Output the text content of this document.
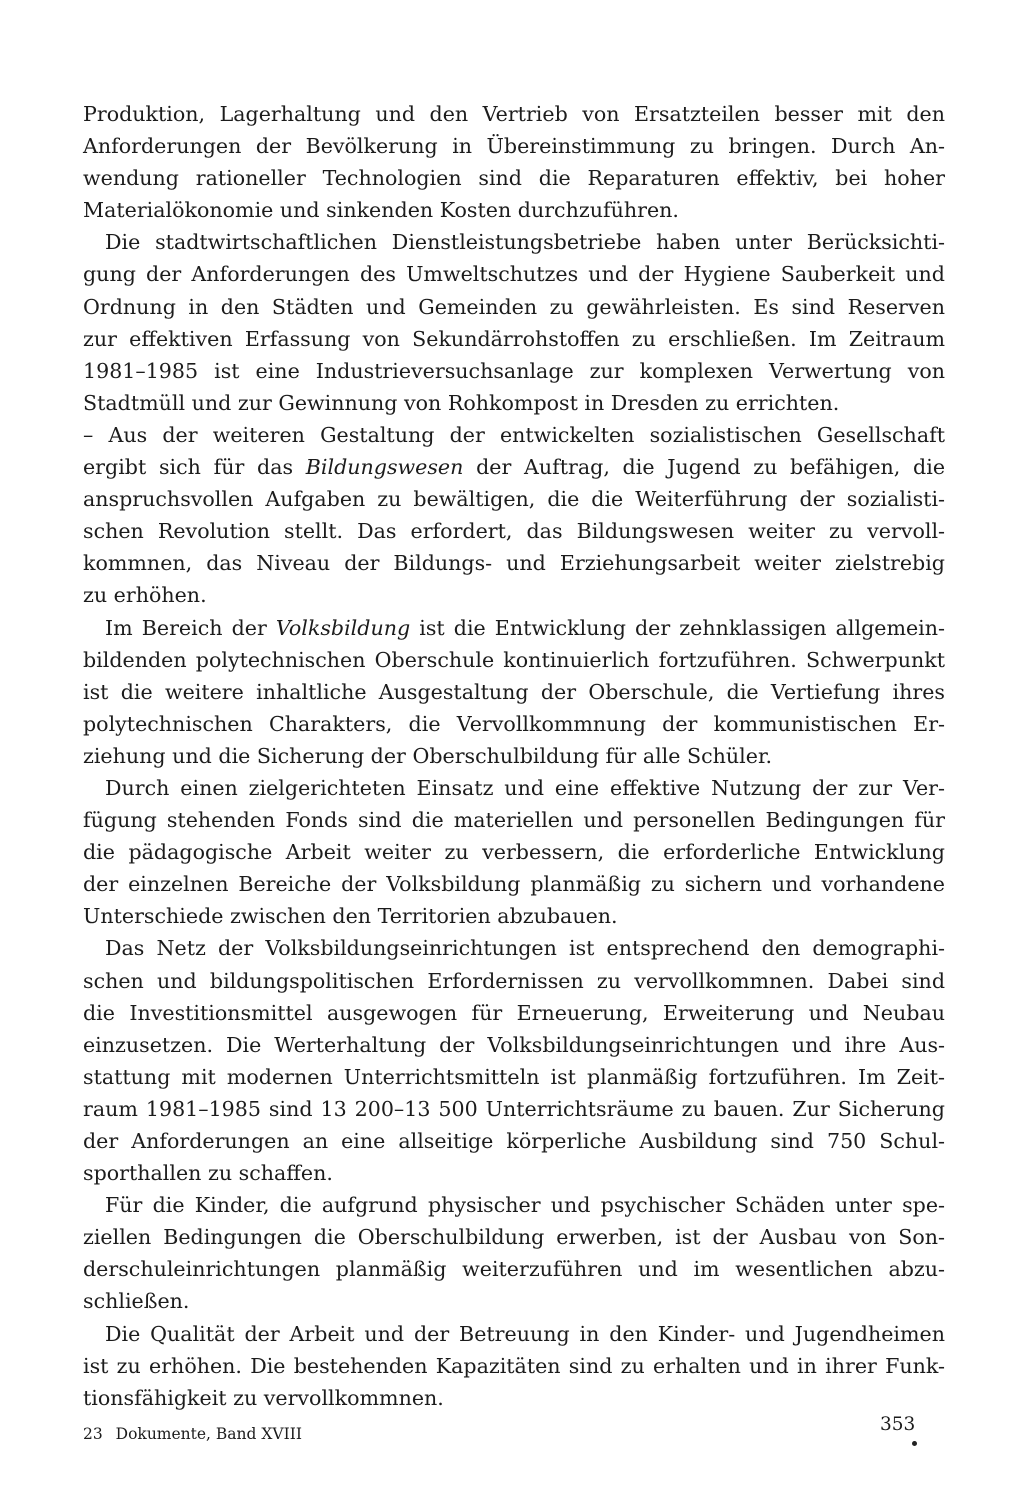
Produktion, Lagerhaltung und den Vertrieb von Ersatzteilen besser mit den
Anforderungen der Bevölkerung in Übereinstimmung zu bringen. Durch An-
wendung rationeller Technologien sind die Reparaturen effektiv, bei hoher
Materialökonomie und sinkenden Kosten durchzuführen.

Die stadtwirtschaftlichen Dienstleistungsbetriebe haben unter Berücksichti-
gung der Anforderungen des Umweltschutzes und der Hygiene Sauberkeit und
Ordnung in den Städten und Gemeinden zu gewährleisten. Es sind Reserven
zur effektiven Erfassung von Sekundärrohstoffen zu erschließen. Im Zeitraum
1981–1985 ist eine Industrieversuchsanlage zur komplexen Verwertung von
Stadtmüll und zur Gewinnung von Rohkompost in Dresden zu errichten.

– Aus der weiteren Gestaltung der entwickelten sozialistischen Gesellschaft
ergibt sich für das Bildungswesen der Auftrag, die Jugend zu befähigen, die
anspruchsvollen Aufgaben zu bewältigen, die die Weiterführung der sozialisti-
schen Revolution stellt. Das erfordert, das Bildungswesen weiter zu vervoll-
kommnen, das Niveau der Bildungs- und Erziehungsarbeit weiter zielstrebig
zu erhöhen.

Im Bereich der Volksbildung ist die Entwicklung der zehnklassigen allgemein-
bildenden polytechnischen Oberschule kontinuierlich fortzuführen. Schwerpunkt
ist die weitere inhaltliche Ausgestaltung der Oberschule, die Vertiefung ihres
polytechnischen Charakters, die Vervollkommnung der kommunistischen Er-
ziehung und die Sicherung der Oberschulbildung für alle Schüler.

Durch einen zielgerichteten Einsatz und eine effektive Nutzung der zur Ver-
fügung stehenden Fonds sind die materiellen und personellen Bedingungen für
die pädagogische Arbeit weiter zu verbessern, die erforderliche Entwicklung
der einzelnen Bereiche der Volksbildung planmäßig zu sichern und vorhandene
Unterschiede zwischen den Territorien abzubauen.

Das Netz der Volksbildungseinrichtungen ist entsprechend den demographi-
schen und bildungspolitischen Erfordernissen zu vervollkommnen. Dabei sind
die Investitionsmittel ausgewogen für Erneuerung, Erweiterung und Neubau
einzusetzen. Die Werterhaltung der Volksbildungseinrichtungen und ihre Aus-
stattung mit modernen Unterrichtsmitteln ist planmäßig fortzuführen. Im Zeit-
raum 1981–1985 sind 13 200–13 500 Unterrichtsräume zu bauen. Zur Sicherung
der Anforderungen an eine allseitige körperliche Ausbildung sind 750 Schul-
sporthallen zu schaffen.

Für die Kinder, die aufgrund physischer und psychischer Schäden unter spe-
ziellen Bedingungen die Oberschulbildung erwerben, ist der Ausbau von Son-
derschuleinrichtungen planmäßig weiterzuführen und im wesentlichen abzu-
schließen.

Die Qualität der Arbeit und der Betreuung in den Kinder- und Jugendheimen
ist zu erhöhen. Die bestehenden Kapazitäten sind zu erhalten und in ihrer Funk-
tionsfähigkeit zu vervollkommnen.

23 Dokumente, Band XVIII	353
